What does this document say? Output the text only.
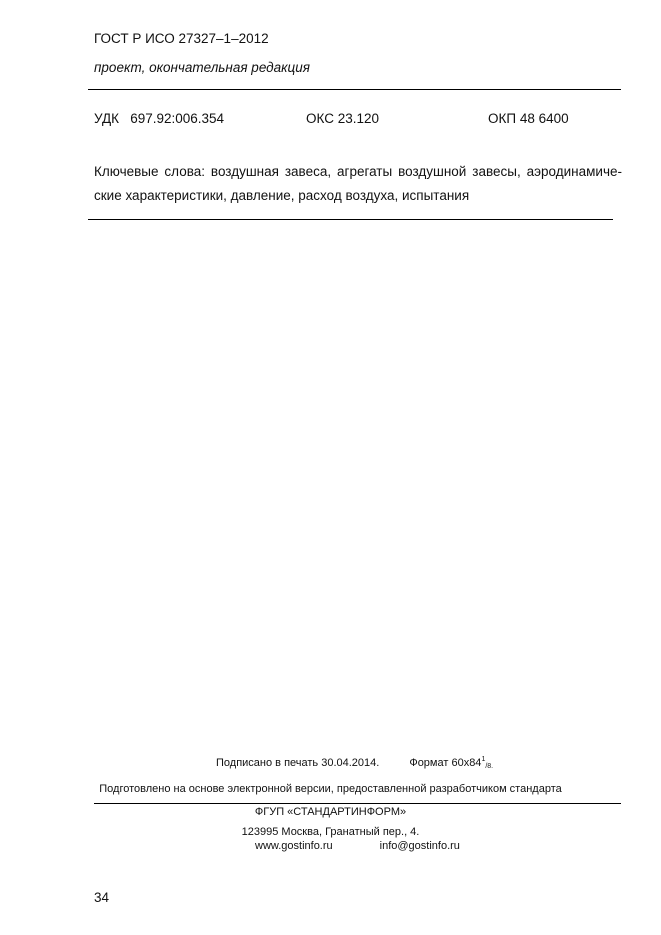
ГОСТ Р ИСО 27327–1–2012
проект, окончательная редакция
УДК   697.92:006.354	ОКС 23.120	ОКП 48 6400
Ключевые слова: воздушная завеса, агрегаты воздушной завесы, аэродинамиче-ские характеристики, давление, расход воздуха, испытания
Подписано в печать 30.04.2014.	Формат $60х84^1_{/8.}$
Подготовлено на основе электронной версии, предоставленной разработчиком стандарта
ФГУП «СТАНДАРТИНФОРМ»
123995 Москва, Гранатный пер., 4.
www.gostinfo.ru	info@gostinfo.ru
34
